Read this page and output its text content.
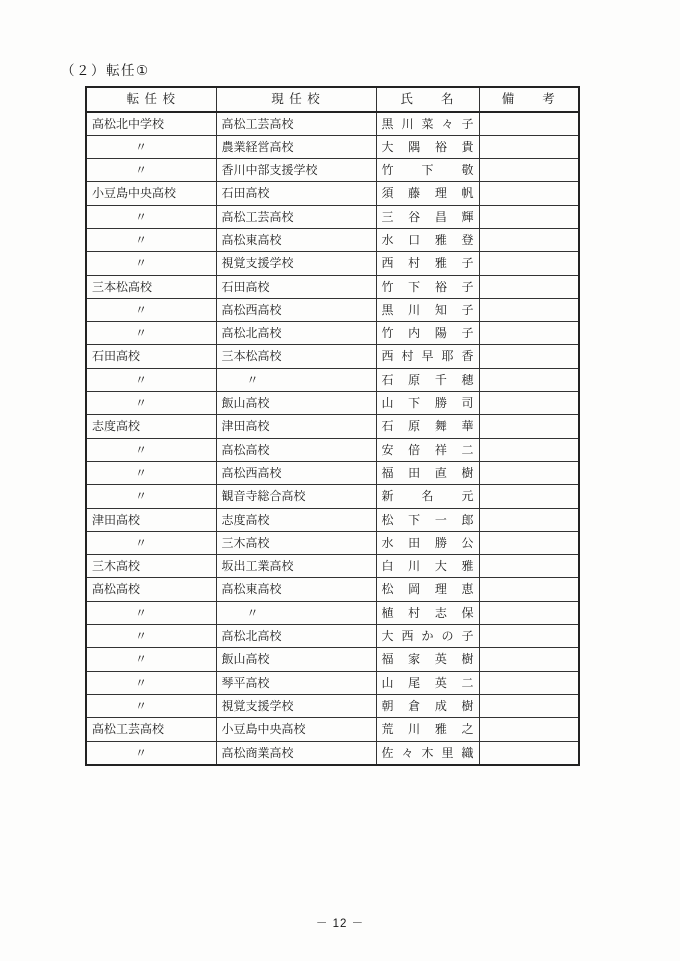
（２）転任①
転 任 校	現 任 校	氏　　名	備　　考
高松北中学校	高松工芸高校	黒 川 菜 々 子	
〃	農業経営高校	大 隅 裕 貴	
〃	香川中部支援学校	竹 下 敬	
小豆島中央高校	石田高校	須 藤 理 帆	
〃	高松工芸高校	三 谷 昌 輝	
〃	高松東高校	水 口 雅 登	
〃	視覚支援学校	西 村 雅 子	
三本松高校	石田高校	竹 下 裕 子	
〃	高松西高校	黒 川 知 子	
〃	高松北高校	竹 内 陽 子	
石田高校	三本松高校	西 村 早 耶 香	
〃	〃	石 原 千 穂	
〃	飯山高校	山 下 勝 司	
志度高校	津田高校	石 原 舞 華	
〃	高松高校	安 倍 祥 二	
〃	高松西高校	福 田 直 樹	
〃	観音寺総合高校	新 名 元	
津田高校	志度高校	松 下 一 郎	
〃	三木高校	水 田 勝 公	
三木高校	坂出工業高校	白 川 大 雅	
高松高校	高松東高校	松 岡 理 恵	
〃	〃	植 村 志 保	
〃	高松北高校	大 西 か の 子	
〃	飯山高校	福 家 英 樹	
〃	琴平高校	山 尾 英 二	
〃	視覚支援学校	朝 倉 成 樹	
高松工芸高校	小豆島中央高校	荒 川 雅 之	
〃	高松商業高校	佐 々 木 里 織	
－ 12 －
